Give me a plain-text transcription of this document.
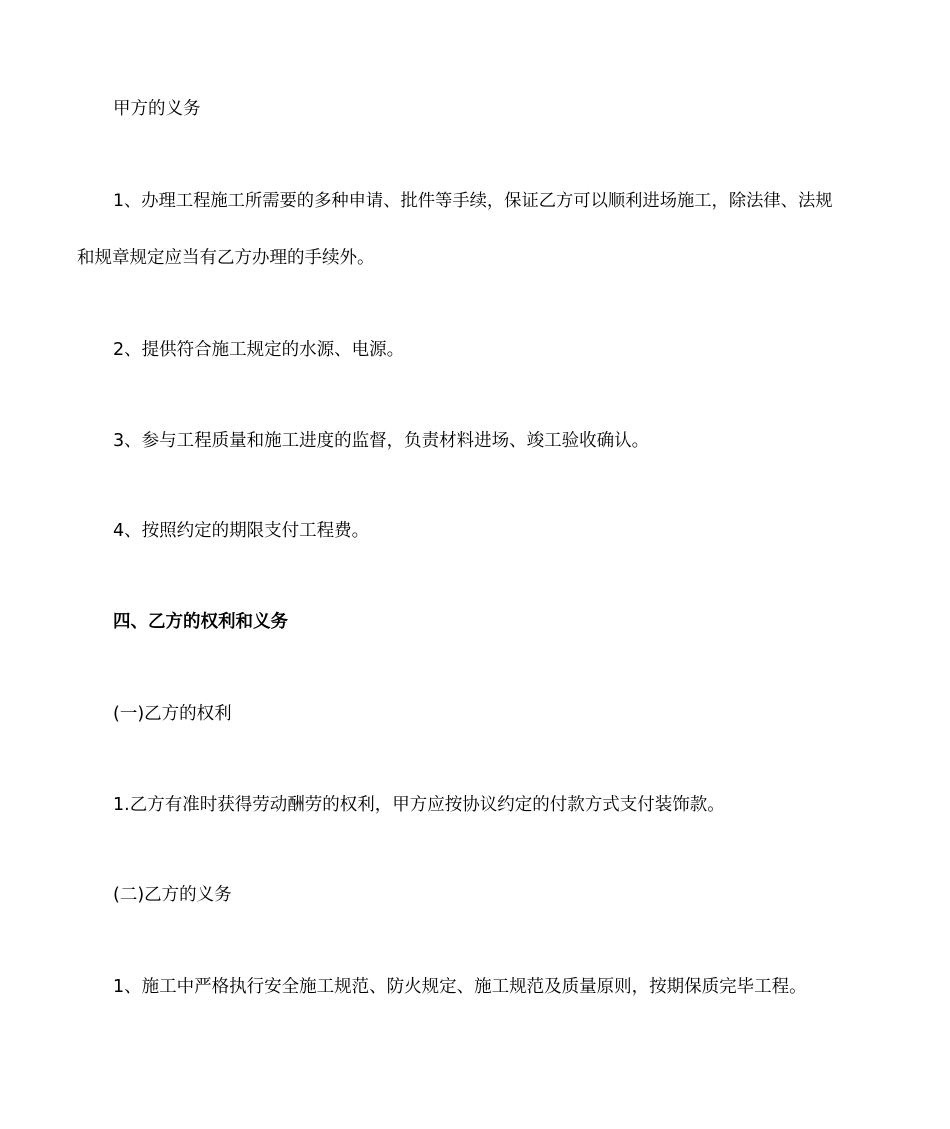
甲方的义务
1、办理工程施工所需要的多种申请、批件等手续，保证乙方可以顺利进场施工，除法律、法规
和规章规定应当有乙方办理的手续外。
2、提供符合施工规定的水源、电源。
3、参与工程质量和施工进度的监督，负责材料进场、竣工验收确认。
4、按照约定的期限支付工程费。
四、乙方的权利和义务
(一)乙方的权利
1.乙方有准时获得劳动酬劳的权利，甲方应按协议约定的付款方式支付装饰款。
(二)乙方的义务
1、施工中严格执行安全施工规范、防火规定、施工规范及质量原则，按期保质完毕工程。
